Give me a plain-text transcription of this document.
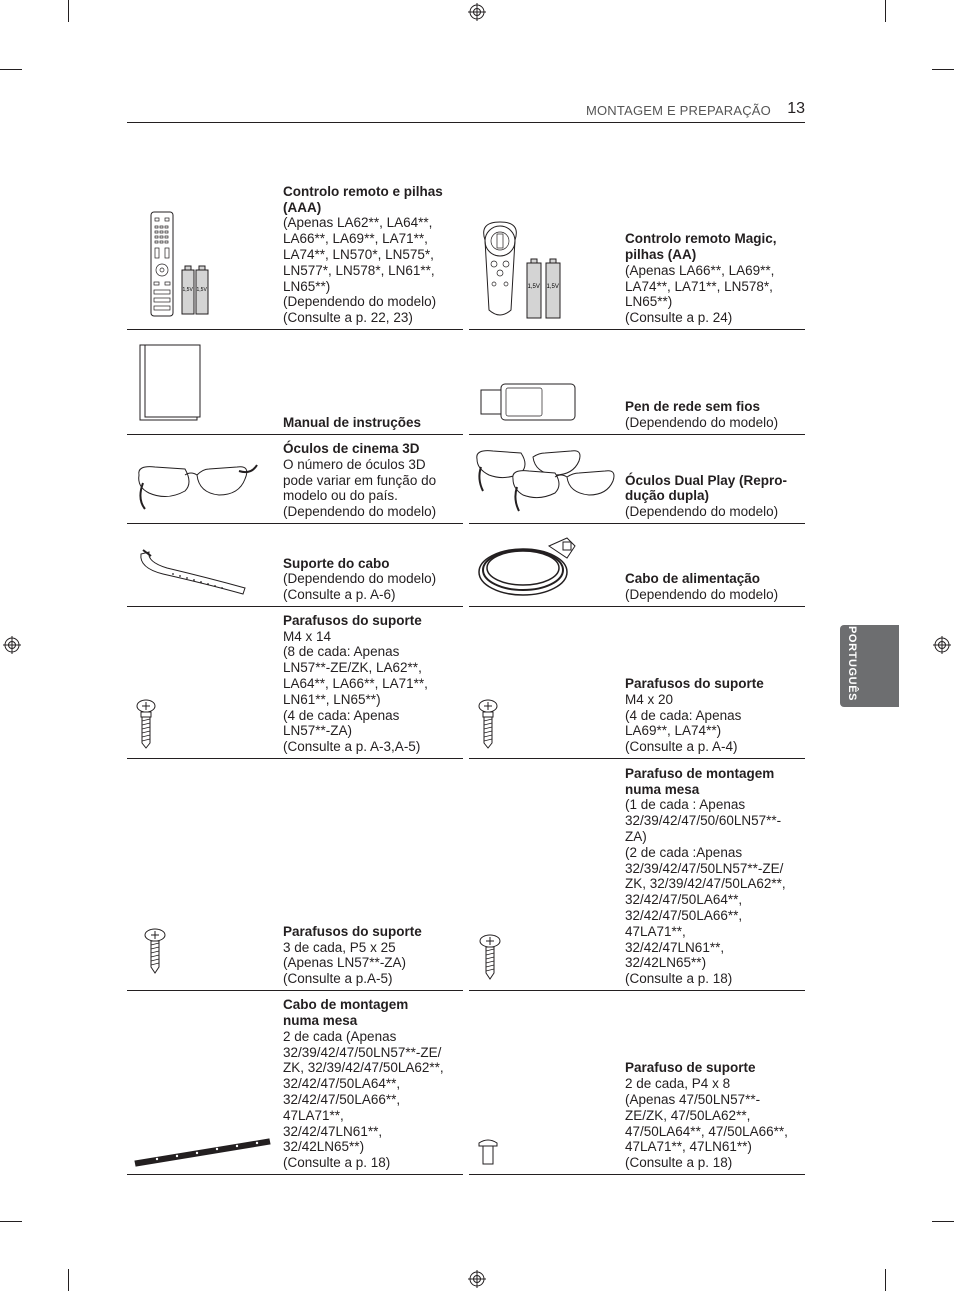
MONTAGEM E PREPARAÇÃO 13
PORTUGUÊS
1,5V 1,5V
Controlo remoto e pilhas
(AAA)
(Apenas LA62**, LA64**,
LA66**, LA69**, LA71**,
LA74**, LN570*, LN575*,
LN577*, LN578*, LN61**,
LN65**)
(Dependendo do modelo)
(Consulte a p. 22, 23)
1,5V 1,5V
Controlo remoto Magic,
pilhas (AA)
(Apenas LA66**, LA69**,
LA74**, LA71**, LN578*,
LN65**)
(Consulte a p. 24)
Manual de instruções
Pen de rede sem fios
(Dependendo do modelo)
Óculos de cinema 3D
O número de óculos 3D
pode variar em função do
modelo ou do país.
(Dependendo do modelo)
Óculos Dual Play (Repro-
dução dupla)
(Dependendo do modelo)
Suporte do cabo
(Dependendo do modelo)
(Consulte a p. A-6)
Cabo de alimentação
(Dependendo do modelo)
Parafusos do suporte
M4 x 14
(8 de cada: Apenas
LN57**-ZE/ZK, LA62**,
LA64**, LA66**, LA71**,
LN61**, LN65**)
(4 de cada: Apenas
LN57**-ZA)
(Consulte a p. A-3,A-5)
Parafusos do suporte
M4 x 20
(4 de cada: Apenas
LA69**, LA74**)
(Consulte a p. A-4)
Parafusos do suporte
3 de cada, P5 x 25
(Apenas LN57**-ZA)
(Consulte a p.A-5)
Parafuso de montagem
numa mesa
(1 de cada : Apenas
32/39/42/47/50/60LN57**-
ZA)
(2 de cada :Apenas
32/39/42/47/50LN57**-ZE/
ZK, 32/39/42/47/50LA62**,
32/42/47/50LA64**,
32/42/47/50LA66**,
47LA71**,
32/42/47LN61**,
32/42LN65**)
(Consulte a p. 18)
Cabo de montagem
numa mesa
2 de cada (Apenas
32/39/42/47/50LN57**-ZE/
ZK, 32/39/42/47/50LA62**,
32/42/47/50LA64**,
32/42/47/50LA66**,
47LA71**,
32/42/47LN61**,
32/42LN65**)
(Consulte a p. 18)
Parafuso de suporte
2 de cada, P4 x 8
(Apenas 47/50LN57**-
ZE/ZK, 47/50LA62**,
47/50LA64**, 47/50LA66**,
47LA71**, 47LN61**)
(Consulte a p. 18)
